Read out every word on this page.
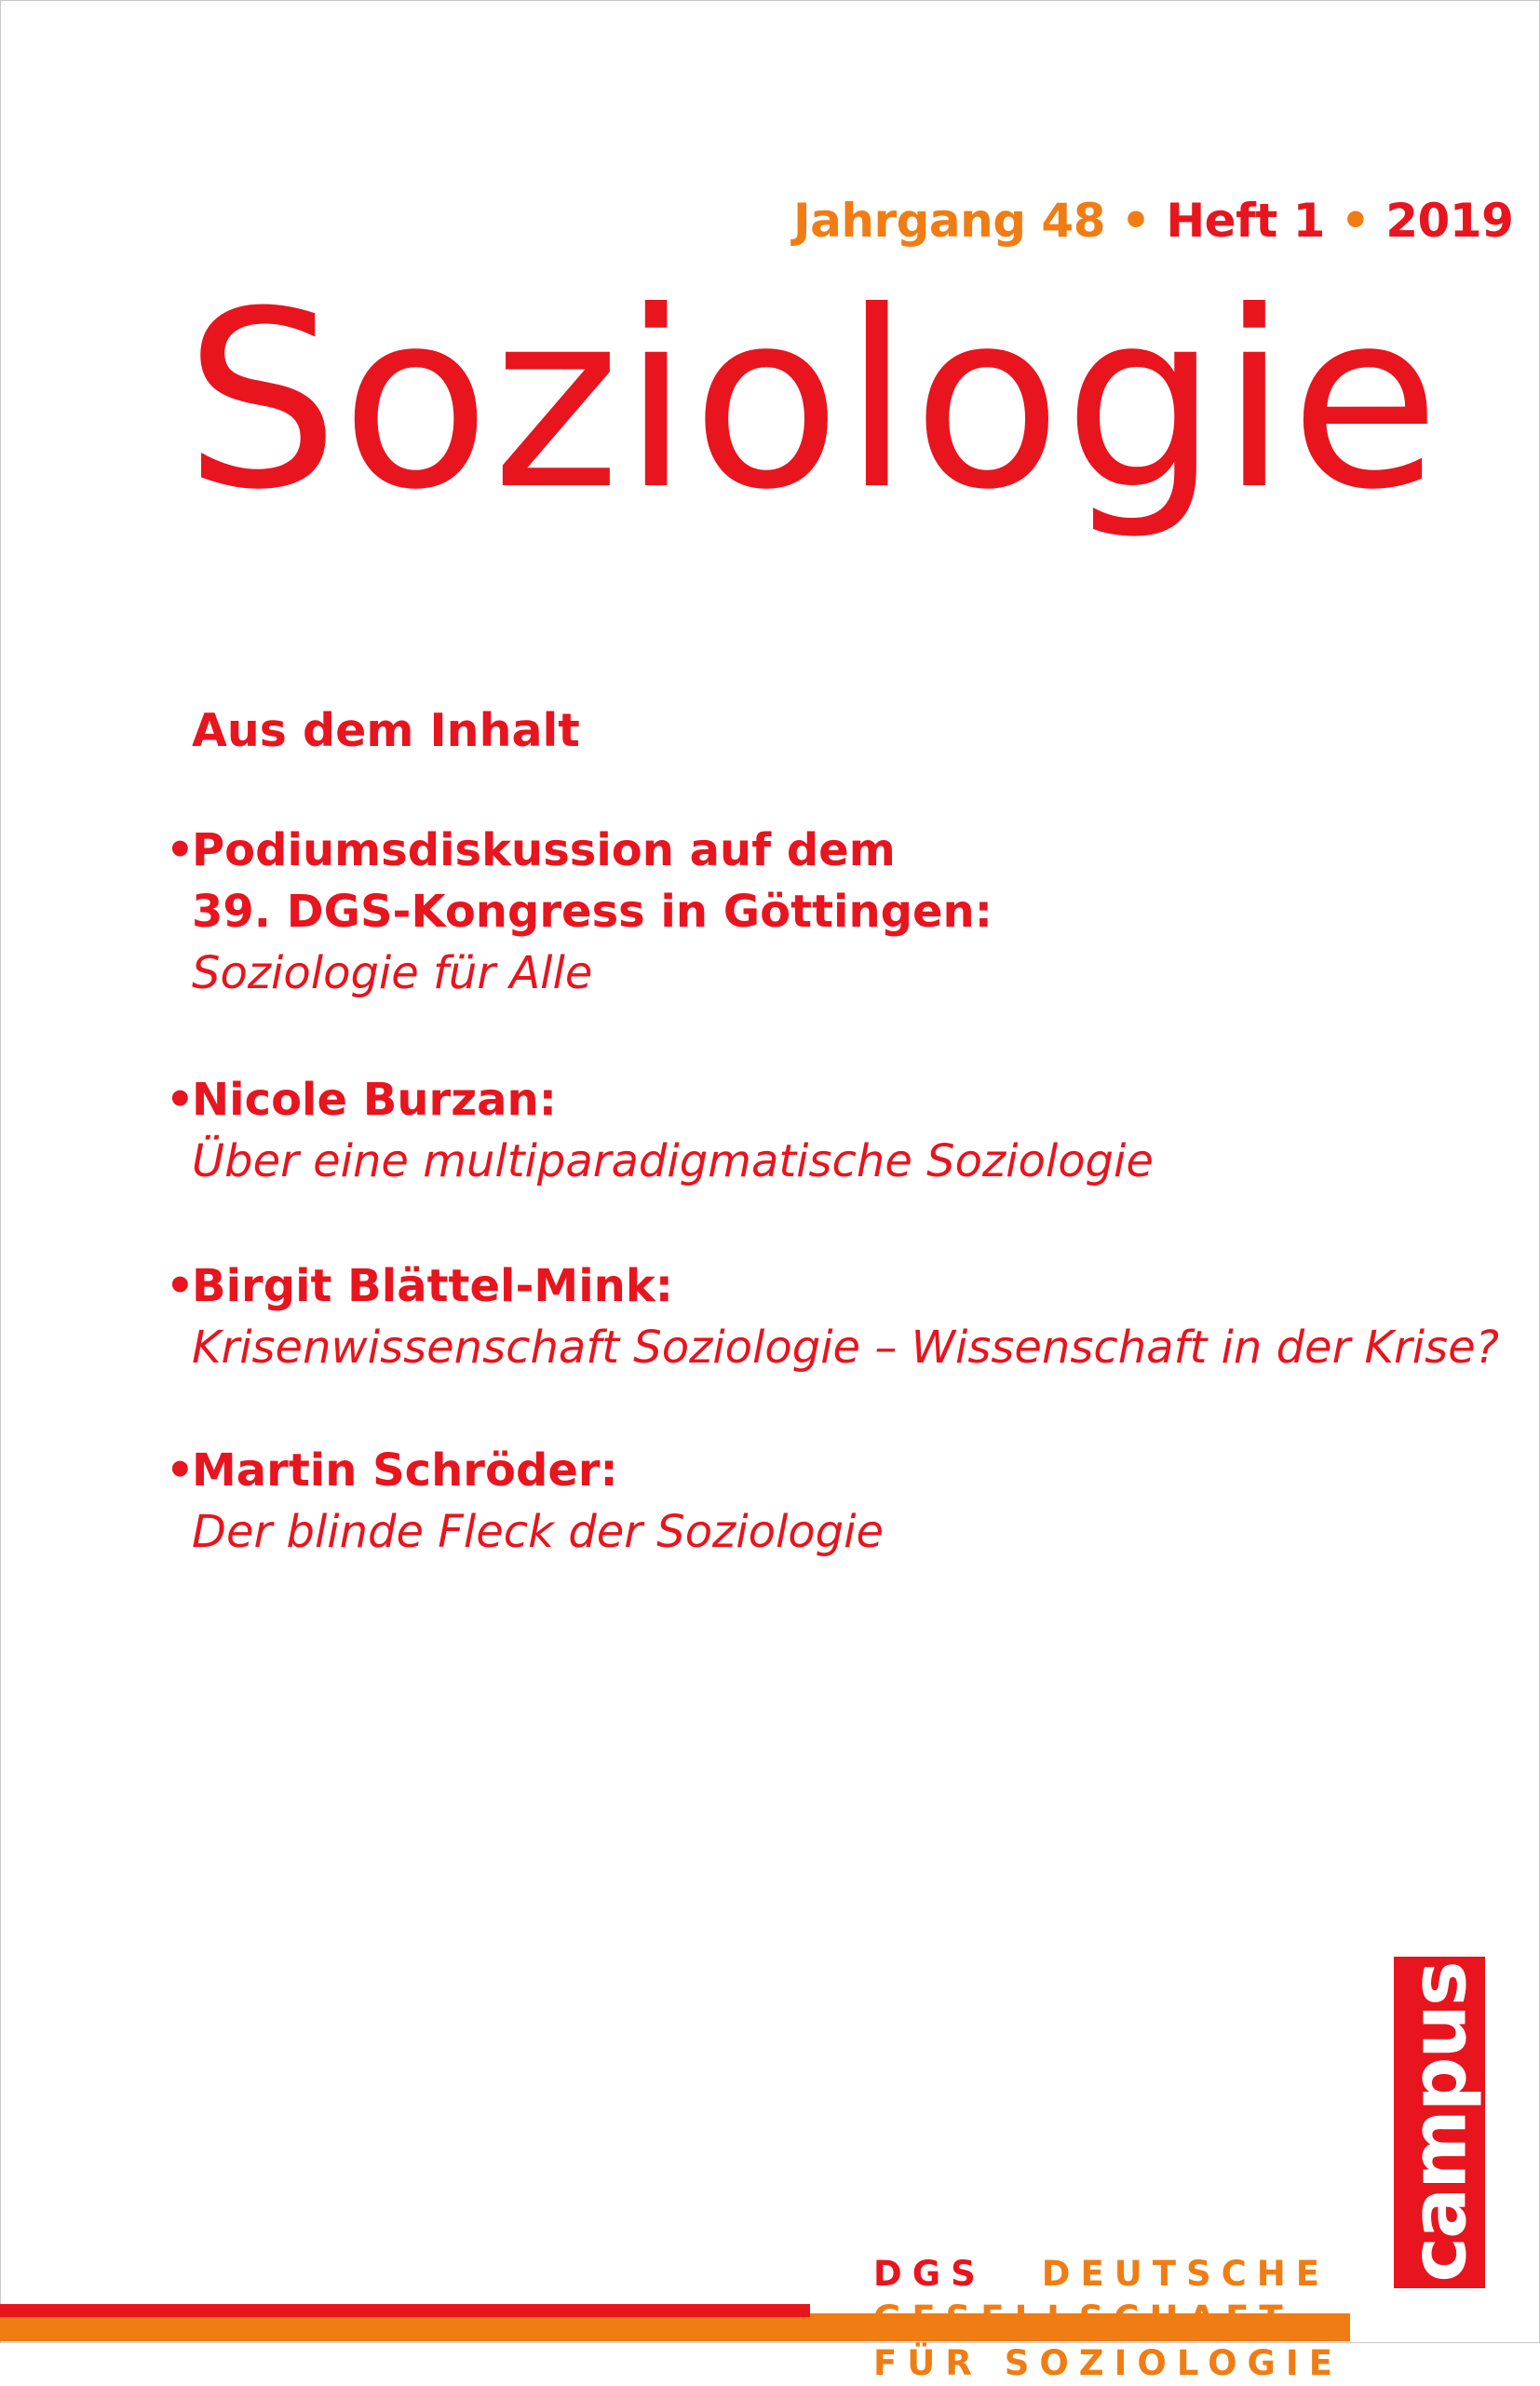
Jahrgang 48 • Heft 1 • 2019
Soziologie
Aus dem Inhalt
•
Podiumsdiskussion auf dem
39. DGS-Kongress in Göttingen:
Soziologie für Alle
•
Nicole Burzan:
Über eine multiparadigmatische Soziologie
•
Birgit Blättel-Mink:
Krisenwissenschaft Soziologie – Wissenschaft in der Krise?
•
Martin Schröder:
Der blinde Fleck der Soziologie
campus
DGS DEUTSCHE
FÜR SOZIOLOGIE
